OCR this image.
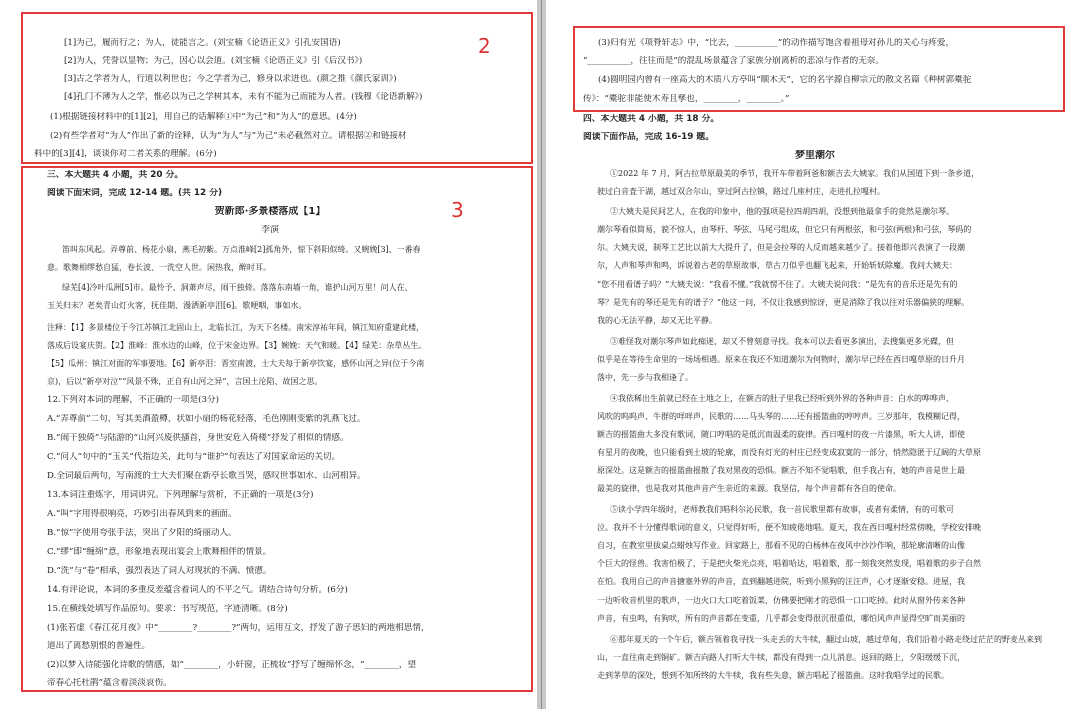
2
[1]为己，履而行之；为人，徒能言之。(刘宝楠《论语正义》引孔安国语)
[2]为人，凭誉以显物；为己，因心以会道。(刘宝楠《论语正义》引《后汉书》)
[3]古之学者为人，行道以利世也；今之学者为己，修身以求进也。(颜之推《颜氏家训》)
[4]孔门不薄为人之学，惟必以为己之学树其本，未有不能为己而能为人者。(钱穆《论语新解》)
(1)根据链接材料中的[1][2]，用自己的话解释①中“为己”和“为人”的意思。(4分)
(2)有些学者对“为人”作出了新的诠释，认为“为人”与“为己”未必截然对立。请根据②和链接材
料中的[3][4]，谈谈你对二者关系的理解。(6分)
3
三、本大题共 4 小题，共 20 分。
阅读下面宋词，完成 12-14 题。(共 12 分)
贺新郎·多景楼落成【1】
李演
笛叫东风起。弄尊前、杨花小扇，燕毛初紫。万点淮峰[2]孤角外，惊下斜阳似绮。又婉娩[3]、一番春
意。歌舞相缪愁自猛，卷长波、一洗空人世。闲热我，醉时耳。
绿芜[4]冷叶瓜洲[5]市。最怜予、洞萧声尽，闹干独倚。落落东南墙一角，谁护山河万里！问人在、
玉关归未？老矣青山灯火客，抚佳期、漫洒新亭泪[6]。歌哽咽，事如水。
注释：【1】多景楼位于今江苏镇江北固山上，北临长江，为天下名楼。南宋淳祐年间，镇江知府重建此楼，
落成后设宴庆贺。【2】淮峰：淮水边的山峰，位于宋金边界。【3】婉娩：天气和暖。【4】绿芜：杂草丛生。
【5】瓜州：镇江对面的军事要地。【6】新亭泪：晋室南渡，士大夫每于新亭饮宴，感怀山河之异(位于今南
京)，后以“新亭对泣”“风景不殊，正自有山河之异”，言国土沦陷、故国之思。
12.下列对本词的理解，不正确的一项是(3分)
A.“弄尊前”二句，写其美酒盈樽，状如小扇的杨花轻落，毛色刚刚变紫的乳燕飞过。
B.“闹干独倚”与陆游的“山河兴废供搔首，身世安危入倚楼”抒发了相似的情感。
C.“问人”句中的“玉关”代指边关，此句与“谁护”句表达了对国家命运的关切。
D.全词最后两句，写南渡的士大夫们聚在新亭长歌当哭，感叹世事如水、山河相异。
13.本词注重炼字，用词讲究。下列理解与赏析，不正确的一项是(3分)
A.“叫”字用得很响亮，巧妙引出春风到来的画面。
B.“惊”字使用夸张手法，突出了夕阳的绮丽动人。
C.“缪”即“缠绵”意，形象地表现出宴会上歌舞相伴的情景。
D.“洗”与“卷”相承，强烈表达了词人对现状的不满、愤懑。
14.有评论说，本词的多重反差蕴含着词人的不平之气。请结合诗句分析。(6分)
15.在横线处填写作品原句。要求：书写规范，字迹清晰。(8分)
(1)张若虚《春江花月夜》中“________?________?”两句，运用互文，抒发了游子思妇的两地相思情，
道出了离愁别恨的普遍性。
(2)以梦入诗能强化诗歌的情感，如“________，小轩窗，正梳妆”抒写了缠绵怀念，“________，望
帝春心托杜鹃”蕴含着淡淡哀伤。
(3)归有光《项脊轩志》中，“比去，__________”的动作描写饱含着祖母对孙儿的关心与疼爱，
“__________，往往而是”的混乱场景蕴含了家族分崩离析的悲凉与作者的无奈。
(4)圆明园内曾有一座高大的木质八方亭叫“顺木天”，它的名字源自柳宗元的散文名篇《种树郭橐驼
传》：“橐驼非能使木寿且孳也，________，________。”
四、本大题共 4 小题，共 18 分。
阅读下面作品，完成 16-19 题。
梦里潮尔
①2022 年 7 月，阿古拉草原最美的季节，我开车带着阿爸和额吉去大姨家。我们从国道下到一条乡道，
驶过白音査干湖，越过双合尔山，穿过阿古拉镇，路过几座村庄，走进扎拉嘎村。
②大姨夫是民间艺人，在我的印象中，他的强项是拉四胡四胡，没想到他最拿手的竟然是潮尔琴。
潮尔琴看似简易，貌不惊人，由琴杆、琴弦、马尾弓组成，但它只有两根弦，和弓弦(两根)和弓弦，琴码的
尔。大姨夫说，制琴工艺比以前大大提升了，但是会拉琴的人反而越来越少了。接着他即兴表演了一段潮
尔，人声和琴声和鸣，诉说着古老的草原故事，草古刀似乎也翻飞起来，开始斩妖除魔。我问大姨夫：
“您不用看谱子吗？”大姨夫说：“我看不懂。”我就愣不住了。大姨夫说问我：“是先有的音乐还是先有的
琴？是先有的琴还是先有的谱子？”他这一问，不仅让我感到惊讶，更是消除了我以往对乐器偏狭的理解。
我的心无法平静，却又无比平静。
③难怪我对潮尔琴声如此痴迷，却又不曾刻意寻找。我本可以去看更多演出，去搜集更多光碟，但
似乎是在等待生命里的一场场相遇。原来在我还不知道潮尔为何物时，潮尔早已经在西日嘎草原的日升月
落中，先一步与我相逢了。
④我依稀出生前就已经在土地之上，在额吉的肚子里我已经听到外界的各种声音：白水的哗哗声、
风吹的呜呜声、牛群的咩咩声，民歌的……马头琴的……还有摇篮曲的哼哼声。三岁那年，我模糊记得，
额吉的摇篮曲大多没有歌词，随口哼唱的是低沉而温柔的旋律。西日嘎村的夜一片漆黑，听大人讲，即使
有星月的夜晚，也只能看到土坡的轮廓，而没有灯光的村庄已经变成寂寞的一部分，悄然隐匿于辽阔的大草原
原深处。这是额吉的摇篮曲摇散了我对黑夜的恐惧。额吉不知不觉唱歌，但手我占有，她的声音是世上最
最美的旋律，也是我对其他声音产生亲近的来源。我坚信，每个声音都有各自的使命。
⑤读小学四年级时，老师教我们唱科尔沁民歌，我一首民歌里都有故事，或者有柔情，有的可歌可
泣。我并不十分懂得歌词的意义，只觉得好听，便不知疲倦地唱。夏天，我在西日嘎村经常傍晚，学校安排晚
自习，在教室里拔桌点蜡烛写作业。回家路上，那看不见的白杨林在夜风中沙沙作响，那轮廓清晰的山像
个巨大的怪兽。我害怕极了，于是把火柴光点亮，唱着哈达，唱着歌，那一刻我突然发现，唱着歌的步子自然
在怕。我用自己的声音搪塞外界的声音，直到翻越进院，听到小黑狗的汪汪声，心才逐渐安稳。进屋，我
一边听收音机里的歌声，一边火口大口吃着饭菜，仿佛要把刚才的恐惧一口口吃掉。此时从窗外传来各种
声音，有虫鸣，有狗吠，所有的声音都在变重，几乎都会变得很沉很重似，哪怕风声声显得空旷而美丽的
⑥那年夏天的一个午后，额吉领着我寻找一头走丢的大牛犊，翻过山坡，越过草甸，我们沿着小路走绕过茫茫的野麦丛来到
山，一直往南走到铜矿。额吉向路人打听大牛犊，都没有得到一点儿消息。返回的路上，夕阳缓缓下沉，
走到茅草的深处，想到不知所终的大牛犊，我有些失意，额吉唱起了摇篮曲。这时我唱学过的民歌。
